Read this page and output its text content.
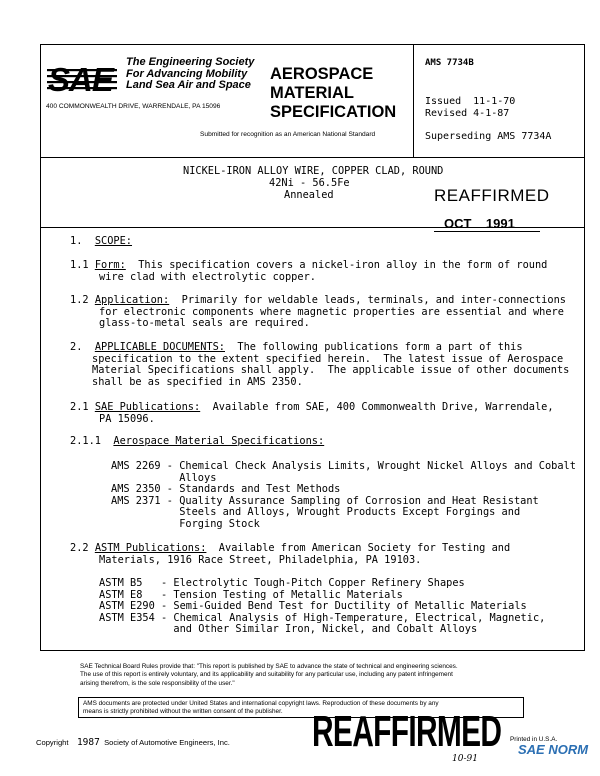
SAE The Engineering Society
For Advancing Mobility
Land Sea Air and Space
400 COMMONWEALTH DRIVE, WARRENDALE, PA 15096
AEROSPACE
MATERIAL
SPECIFICATION
Submitted for recognition as an American National Standard
AMS 7734B
Issued  11-1-70
Revised 4-1-87
Superseding AMS 7734A
NICKEL-IRON ALLOY WIRE, COPPER CLAD, ROUND
42Ni - 56.5Fe
Annealed	REAFFIRMED
OCT 1991
1. SCOPE:
1.1 Form:  This specification covers a nickel-iron alloy in the form of round
wire clad with electrolytic copper.
1.2 Application:  Primarily for weldable leads, terminals, and inter-connections
for electronic components where magnetic properties are essential and where
glass-to-metal seals are required.
2. APPLICABLE DOCUMENTS:  The following publications form a part of this
specification to the extent specified herein.  The latest issue of Aerospace
Material Specifications shall apply.  The applicable issue of other documents
shall be as specified in AMS 2350.
2.1 SAE Publications:  Available from SAE, 400 Commonwealth Drive, Warrendale,
PA 15096.
2.1.1 Aerospace Material Specifications:
AMS 2269 - Chemical Check Analysis Limits, Wrought Nickel Alloys and Cobalt
Alloys
AMS 2350 - Standards and Test Methods
AMS 2371 - Quality Assurance Sampling of Corrosion and Heat Resistant
Steels and Alloys, Wrought Products Except Forgings and
Forging Stock
2.2 ASTM Publications:  Available from American Society for Testing and
Materials, 1916 Race Street, Philadelphia, PA 19103.
ASTM B5   - Electrolytic Tough-Pitch Copper Refinery Shapes
ASTM E8   - Tension Testing of Metallic Materials
ASTM E290 - Semi-Guided Bend Test for Ductility of Metallic Materials
ASTM E354 - Chemical Analysis of High-Temperature, Electrical, Magnetic,
and Other Similar Iron, Nickel, and Cobalt Alloys
SAE Technical Board Rules provide that: "This report is published by SAE to advance the state of technical and engineering sciences.
The use of this report is entirely voluntary, and its applicability and suitability for any particular use, including any patent infringement
arising therefrom, is the sole responsibility of the user."
AMS documents are protected under United States and international copyright laws. Reproduction of these documents by any
means is strictly prohibited without the written consent of the publisher.
Copyright 1987 Society of Automotive Engineers, Inc. REAFFIRMED Printed in U.S.A.
10-91
SAE NORM
